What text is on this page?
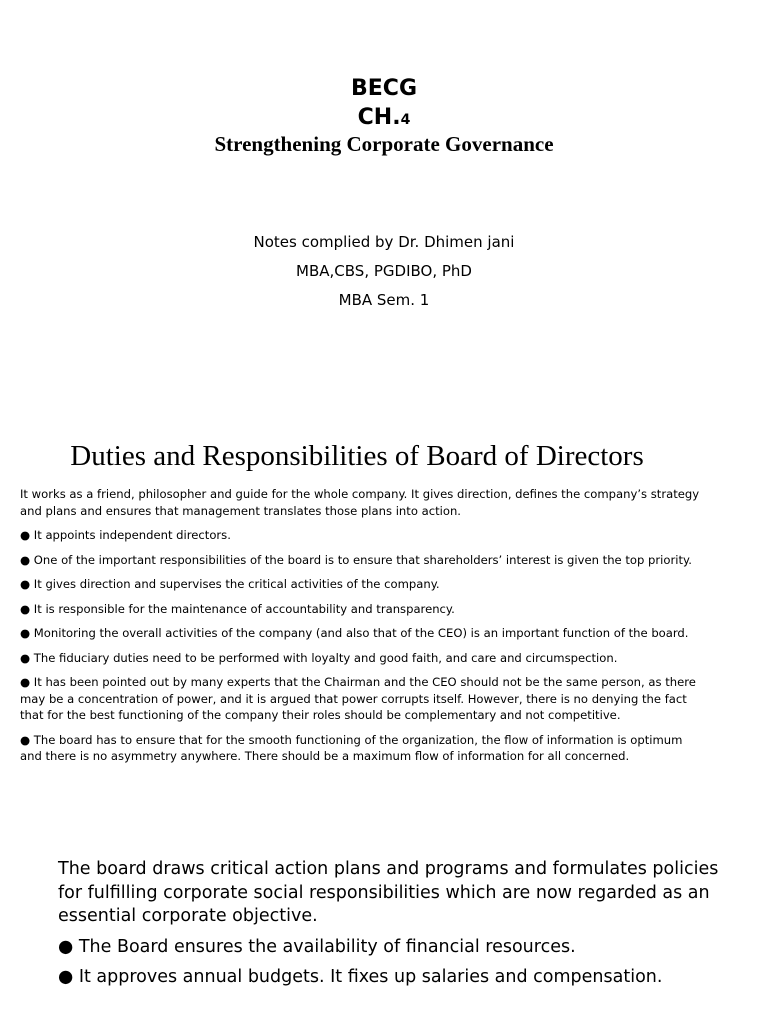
BECG
CH.4
Strengthening Corporate Governance
Notes complied by Dr. Dhimen jani
MBA,CBS, PGDIBO, PhD
MBA Sem. 1
Duties and Responsibilities of Board of Directors

It works as a friend, philosopher and guide for the whole company. It gives direction, defines the company’s strategy and plans and ensures that management translates those plans into action.

● It appoints independent directors.

● One of the important responsibilities of the board is to ensure that shareholders’ interest is given the top priority.

● It gives direction and supervises the critical activities of the company.

● It is responsible for the maintenance of accountability and transparency.

● Monitoring the overall activities of the company (and also that of the CEO) is an important function of the board.

● The fiduciary duties need to be performed with loyalty and good faith, and care and circumspection.

● It has been pointed out by many experts that the Chairman and the CEO should not be the same person, as there may be a concentration of power, and it is argued that power corrupts itself. However, there is no denying the fact that for the best functioning of the company their roles should be complementary and not competitive.

● The board has to ensure that for the smooth functioning of the organization, the flow of information is optimum and there is no asymmetry anywhere. There should be a maximum flow of information for all concerned.

The board draws critical action plans and programs and formulates policies for fulfilling corporate social responsibilities which are now regarded as an essential corporate objective.

● The Board ensures the availability of financial resources.

● It approves annual budgets. It fixes up salaries and compensation.
